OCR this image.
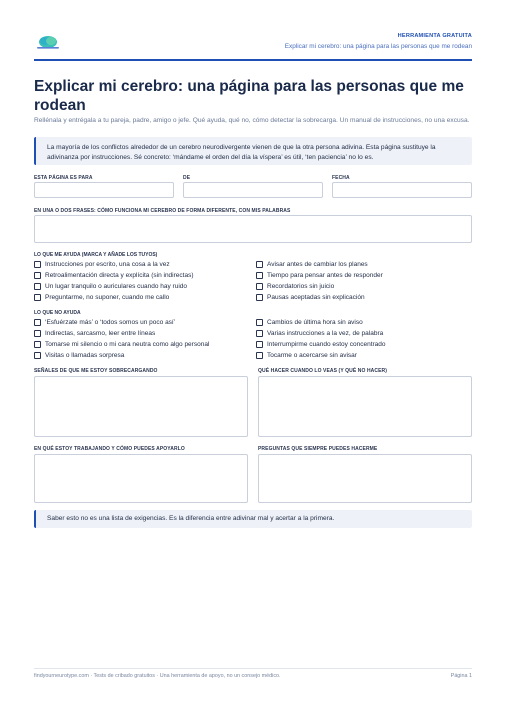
HERRAMIENTA GRATUITA
Explicar mi cerebro: una página para las personas que me rodean
Explicar mi cerebro: una página para las personas que me rodean
Rellénala y entrégala a tu pareja, padre, amigo o jefe. Qué ayuda, qué no, cómo detectar la sobrecarga. Un manual de instrucciones, no una excusa.
La mayoría de los conflictos alrededor de un cerebro neurodivergente vienen de que la otra persona adivina. Esta página sustituye la adivinanza por instrucciones. Sé concreto: ‘mándame el orden del día la víspera’ es útil, ‘ten paciencia’ no lo es.
ESTA PÁGINA ES PARA	DE	FECHA
EN UNA O DOS FRASES: CÓMO FUNCIONA MI CEREBRO DE FORMA DIFERENTE, CON MIS PALABRAS
LO QUE ME AYUDA (MARCA Y AÑADE LOS TUYOS)
Instrucciones por escrito, una cosa a la vez
Retroalimentación directa y explícita (sin indirectas)
Un lugar tranquilo o auriculares cuando hay ruido
Preguntarme, no suponer, cuando me callo
Avisar antes de cambiar los planes
Tiempo para pensar antes de responder
Recordatorios sin juicio
Pausas aceptadas sin explicación
LO QUE NO AYUDA
‘Esfuérzate más’ o ‘todos somos un poco así’
Indirectas, sarcasmo, leer entre líneas
Tomarse mi silencio o mi cara neutra como algo personal
Visitas o llamadas sorpresa
Cambios de última hora sin aviso
Varias instrucciones a la vez, de palabra
Interrumpirme cuando estoy concentrado
Tocarme o acercarse sin avisar
SEÑALES DE QUE ME ESTOY SOBRECARGANDO	QUÉ HACER CUANDO LO VEAS (Y QUÉ NO HACER)
EN QUÉ ESTOY TRABAJANDO Y CÓMO PUEDES APOYARLO	PREGUNTAS QUE SIEMPRE PUEDES HACERME
Saber esto no es una lista de exigencias. Es la diferencia entre adivinar mal y acertar a la primera.
findyourneurotype.com · Tests de cribado gratuitos · Una herramienta de apoyo, no un consejo médico.	Página 1
